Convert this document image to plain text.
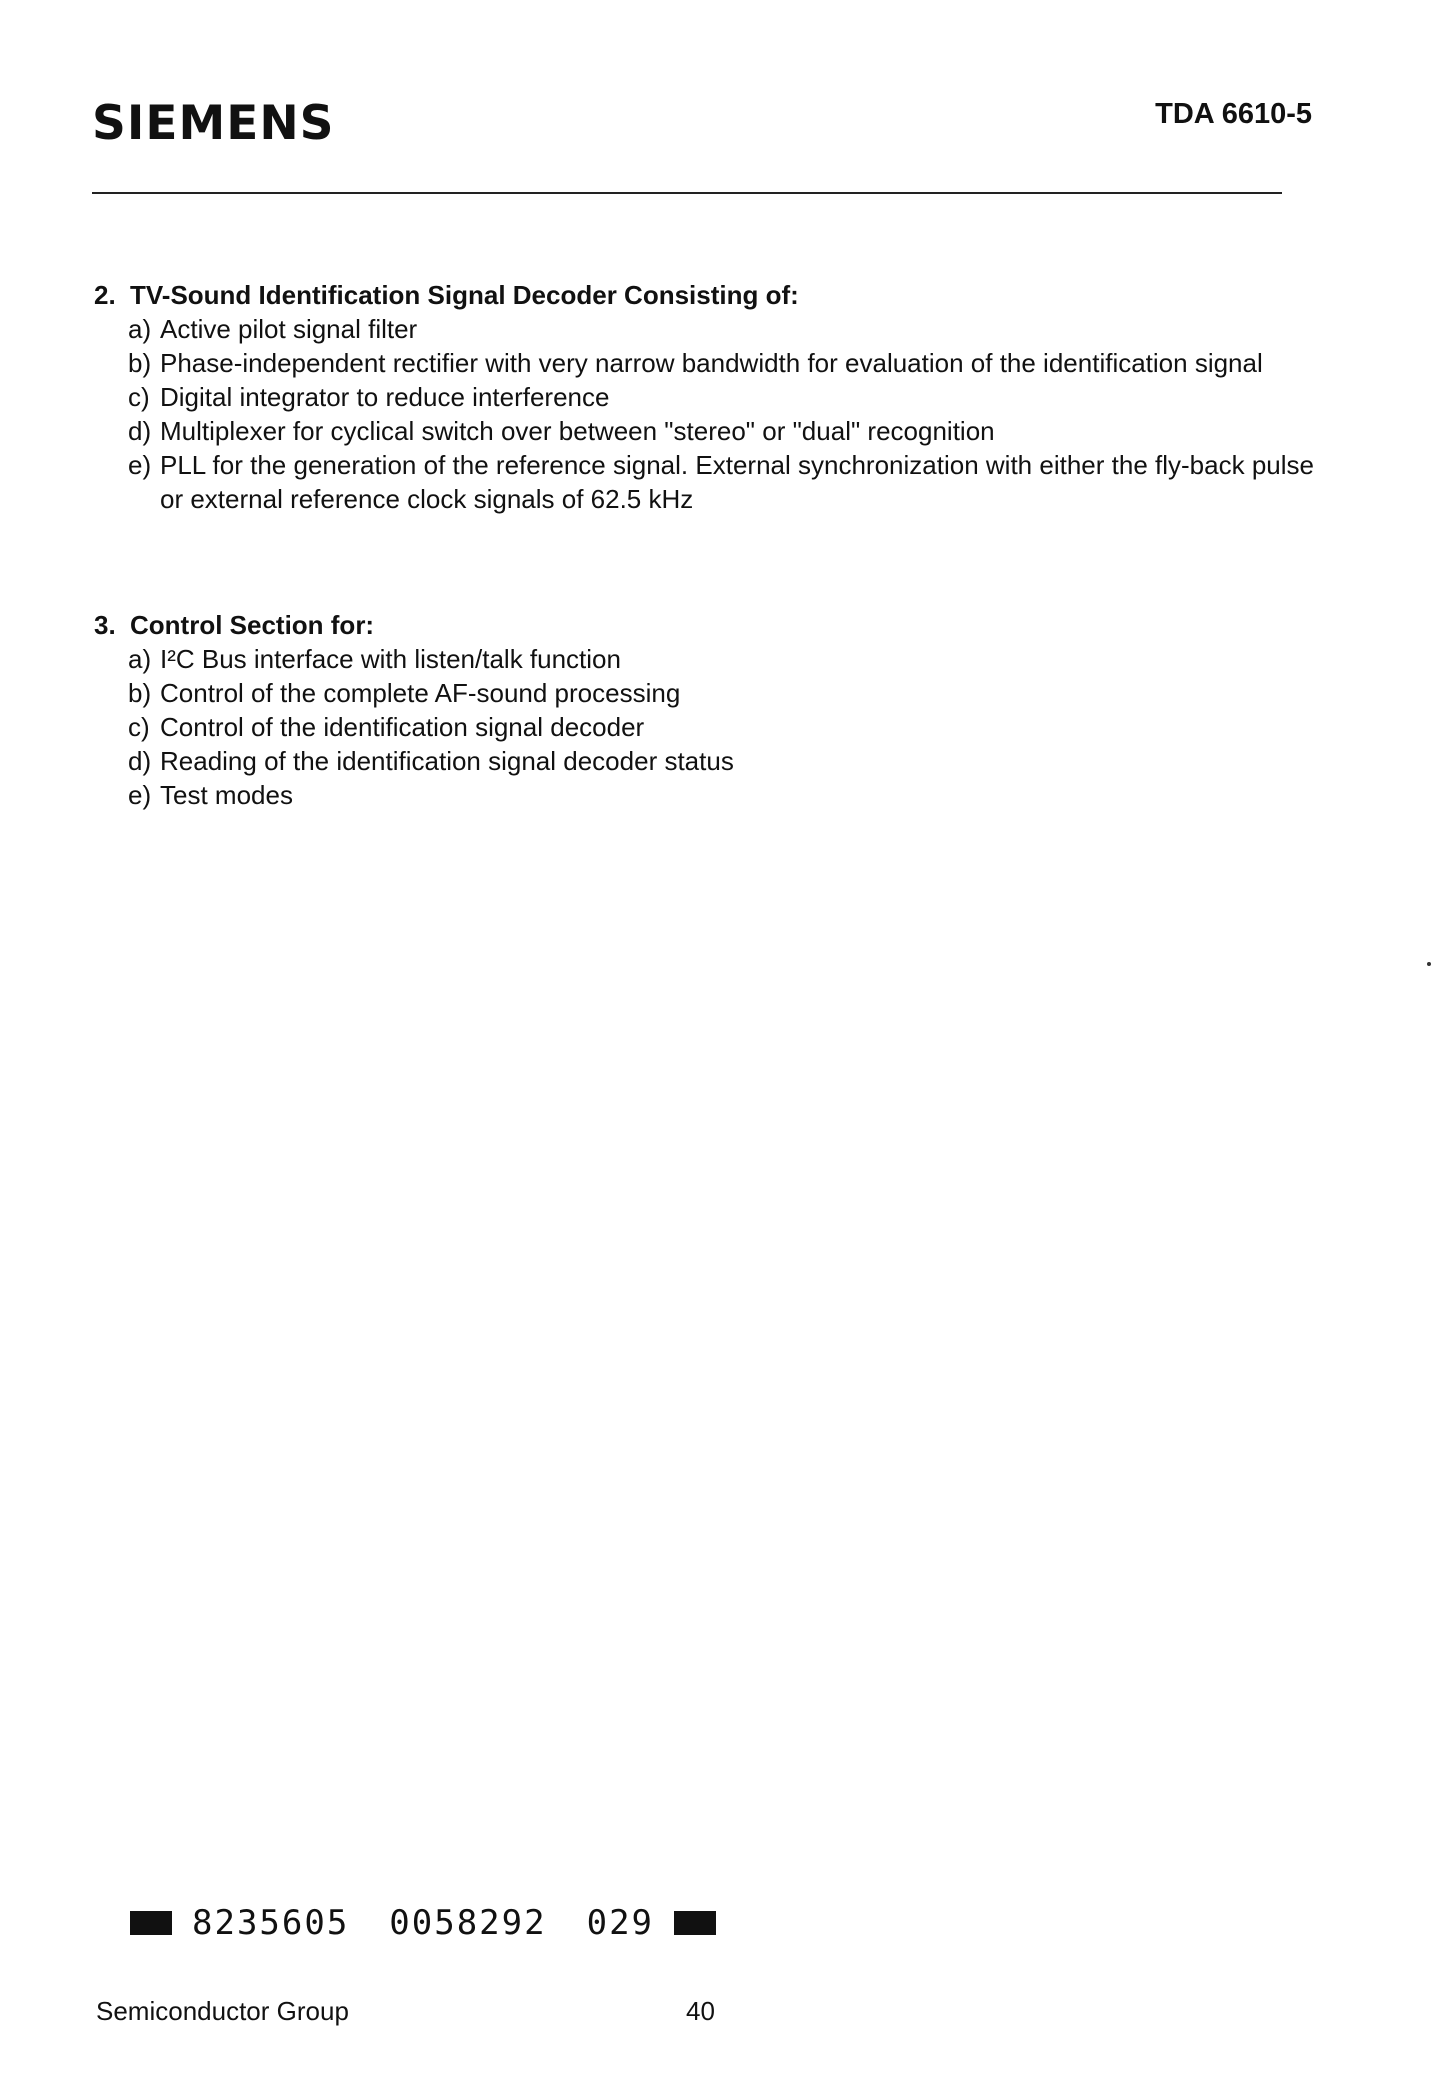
SIEMENS	TDA 6610-5
2. TV-Sound Identification Signal Decoder Consisting of:
a) Active pilot signal filter
b) Phase-independent rectifier with very narrow bandwidth for evaluation of the identification signal
c) Digital integrator to reduce interference
d) Multiplexer for cyclical switch over between "stereo" or "dual" recognition
e) PLL for the generation of the reference signal. External synchronization with either the fly-back pulse or external reference clock signals of 62.5 kHz
3. Control Section for:
a) I²C Bus interface with listen/talk function
b) Control of the complete AF-sound processing
c) Control of the identification signal decoder
d) Reading of the identification signal decoder status
e) Test modes
8235605 0058292 029
Semiconductor Group	40
